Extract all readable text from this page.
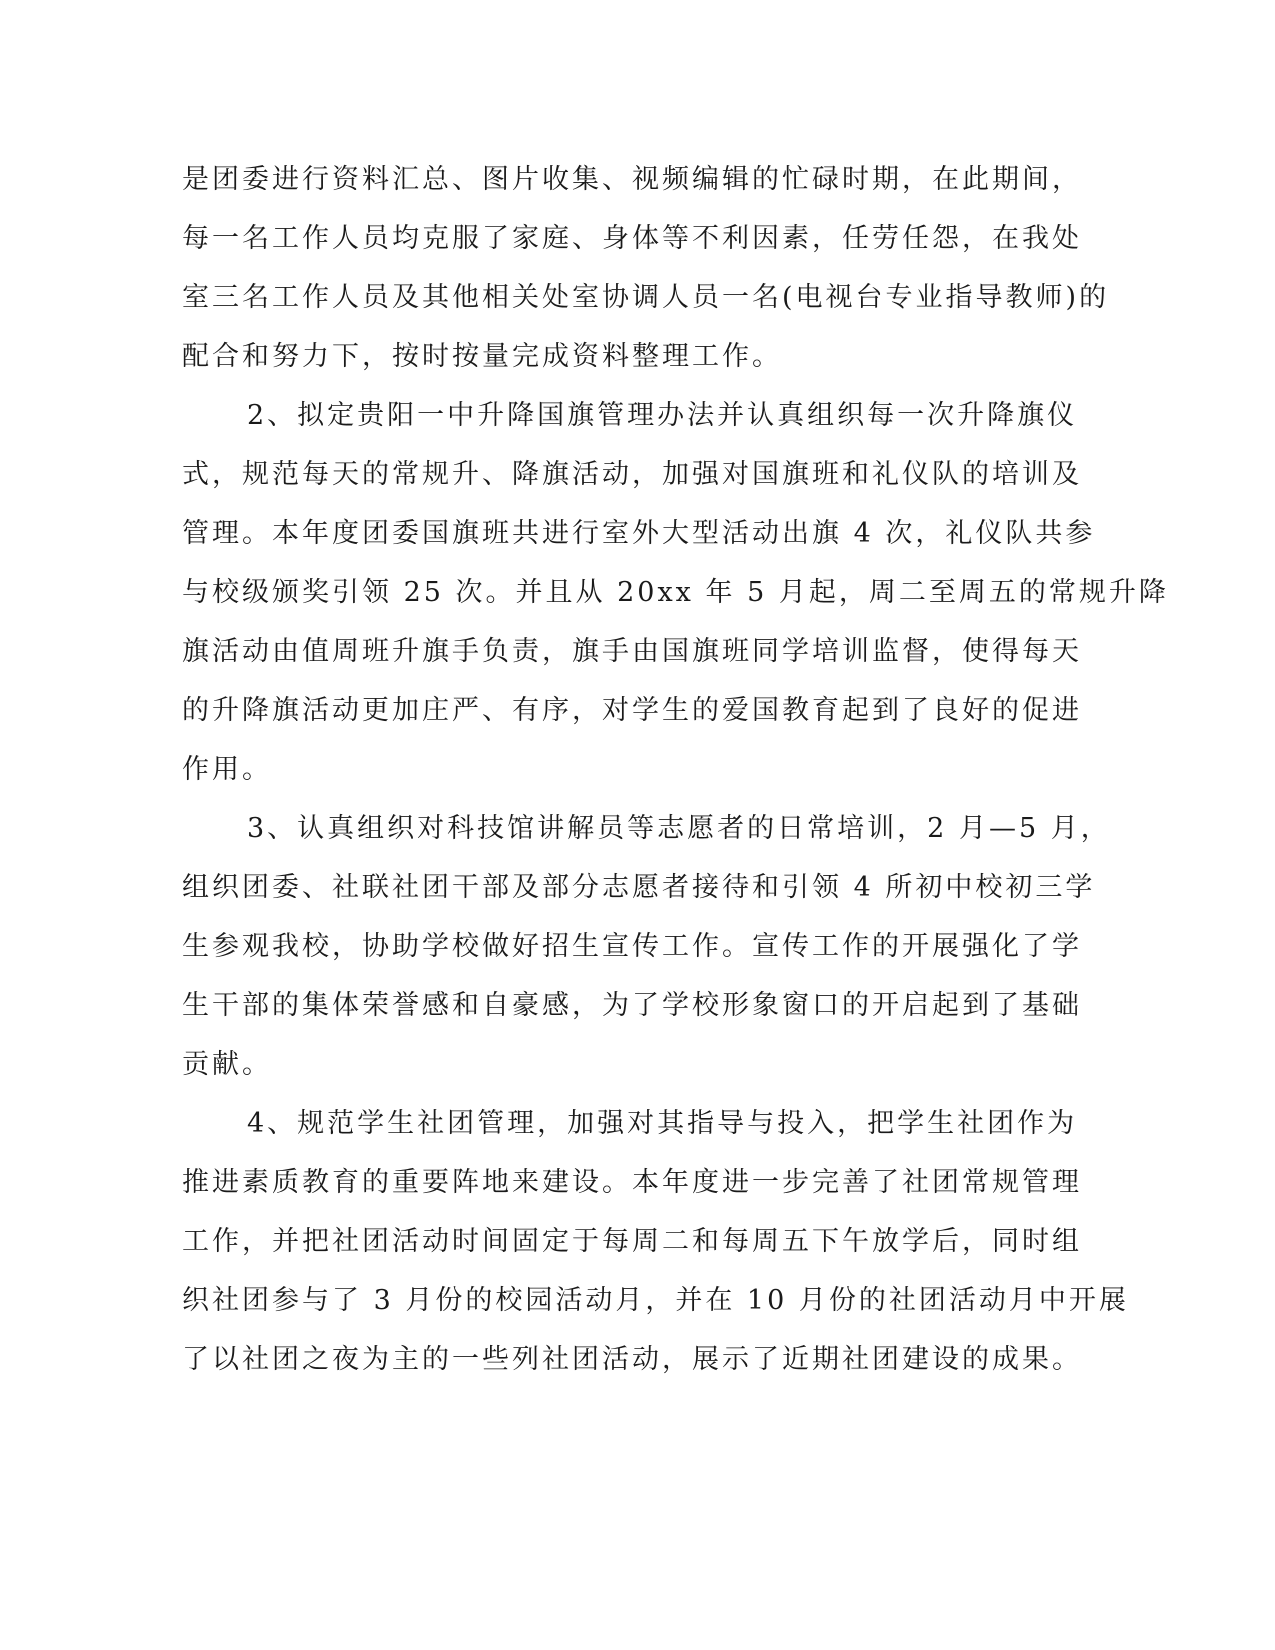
是团委进行资料汇总、图片收集、视频编辑的忙碌时期，在此期间，
每一名工作人员均克服了家庭、身体等不利因素，任劳任怨，在我处
室三名工作人员及其他相关处室协调人员一名(电视台专业指导教师)的
配合和努力下，按时按量完成资料整理工作。
2、拟定贵阳一中升降国旗管理办法并认真组织每一次升降旗仪
式，规范每天的常规升、降旗活动，加强对国旗班和礼仪队的培训及
管理。本年度团委国旗班共进行室外大型活动出旗 4 次，礼仪队共参
与校级颁奖引领 25 次。并且从 20xx 年 5 月起，周二至周五的常规升降
旗活动由值周班升旗手负责，旗手由国旗班同学培训监督，使得每天
的升降旗活动更加庄严、有序，对学生的爱国教育起到了良好的促进
作用。
3、认真组织对科技馆讲解员等志愿者的日常培训，2 月—5 月，
组织团委、社联社团干部及部分志愿者接待和引领 4 所初中校初三学
生参观我校，协助学校做好招生宣传工作。宣传工作的开展强化了学
生干部的集体荣誉感和自豪感，为了学校形象窗口的开启起到了基础
贡献。
4、规范学生社团管理，加强对其指导与投入，把学生社团作为
推进素质教育的重要阵地来建设。本年度进一步完善了社团常规管理
工作，并把社团活动时间固定于每周二和每周五下午放学后，同时组
织社团参与了 3 月份的校园活动月，并在 10 月份的社团活动月中开展
了以社团之夜为主的一些列社团活动，展示了近期社团建设的成果。
